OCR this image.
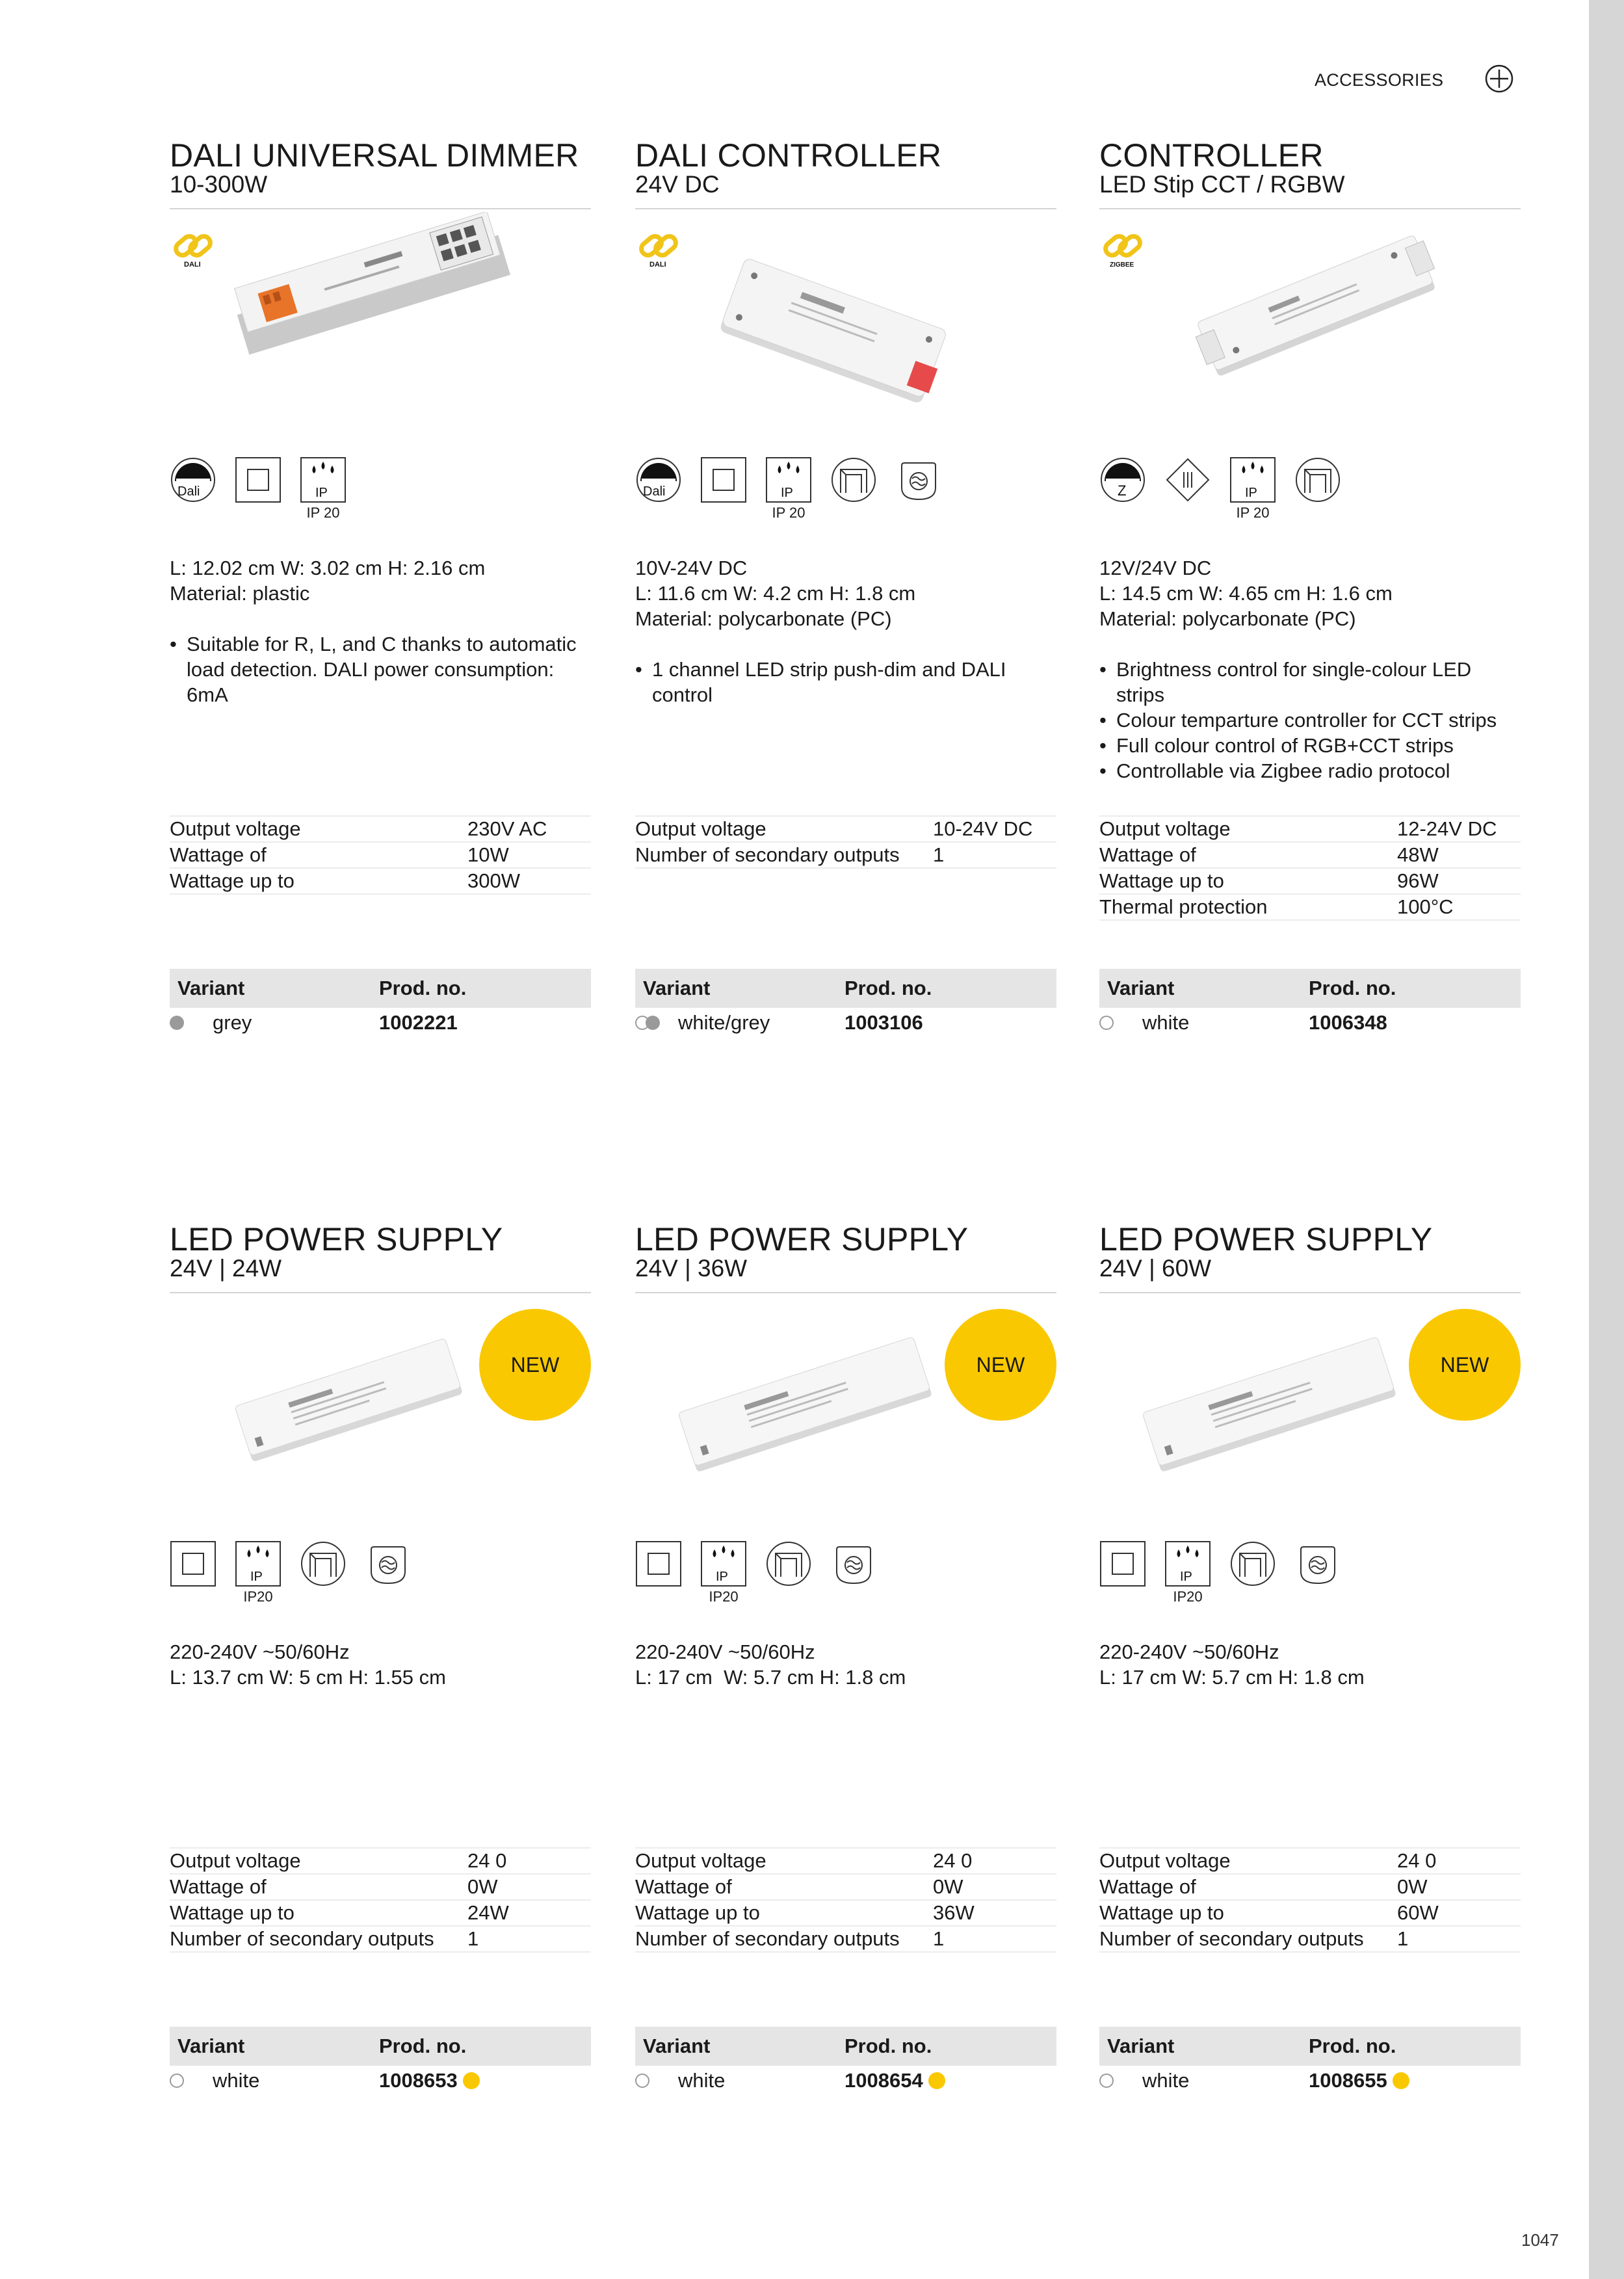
ACCESSORIES
DALI UNIVERSAL DIMMER
10-300W
DALI
Dali	IP
IP 20

L: 12.02 cm W: 3.02 cm H: 2.16 cm

Material: plastic

• Suitable for R, L, and C thanks to automatic load detection. DALI power consumption: 6mA
Output voltage	230V AC
Wattage of	10W
Wattage up to	300W
Variant	Prod. no.
grey	1002221
DALI CONTROLLER
24V DC
DALI
Dali	IP
IP 20

10V-24V DC

L: 11.6 cm W: 4.2 cm H: 1.8 cm

Material: polycarbonate (PC)

• 1 channel LED strip push-dim and DALI control
Output voltage	10-24V DC
Number of secondary outputs	1
Variant	Prod. no.
white/grey	1003106
CONTROLLER
LED Stip CCT / RGBW
ZIGBEE
Z	IP
IP 20

12V/24V DC

L: 14.5 cm W: 4.65 cm H: 1.6 cm

Material: polycarbonate (PC)

• Brightness control for single-colour LED strips
• Colour temparture controller for CCT strips
• Full colour control of RGB+CCT strips
• Controllable via Zigbee radio protocol
Output voltage	12-24V DC
Wattage of	48W
Wattage up to	96W
Thermal protection	100°C
Variant	Prod. no.
white	1006348
LED POWER SUPPLY
24V | 24W
NEW
IP
IP20

220-240V ~50/60Hz

L: 13.7 cm W: 5 cm H: 1.55 cm

Output voltage	24 0
Wattage of	0W
Wattage up to	24W
Number of secondary outputs	1
Variant	Prod. no.
white	1008653
LED POWER SUPPLY
24V | 36W
NEW
IP
IP20

220-240V ~50/60Hz

L: 17 cm  W: 5.7 cm H: 1.8 cm

Output voltage	24 0
Wattage of	0W
Wattage up to	36W
Number of secondary outputs	1
Variant	Prod. no.
white	1008654
LED POWER SUPPLY
24V | 60W
NEW
IP
IP20

220-240V ~50/60Hz

L: 17 cm W: 5.7 cm H: 1.8 cm

Output voltage	24 0
Wattage of	0W
Wattage up to	60W
Number of secondary outputs	1
Variant	Prod. no.
white	1008655
1047
